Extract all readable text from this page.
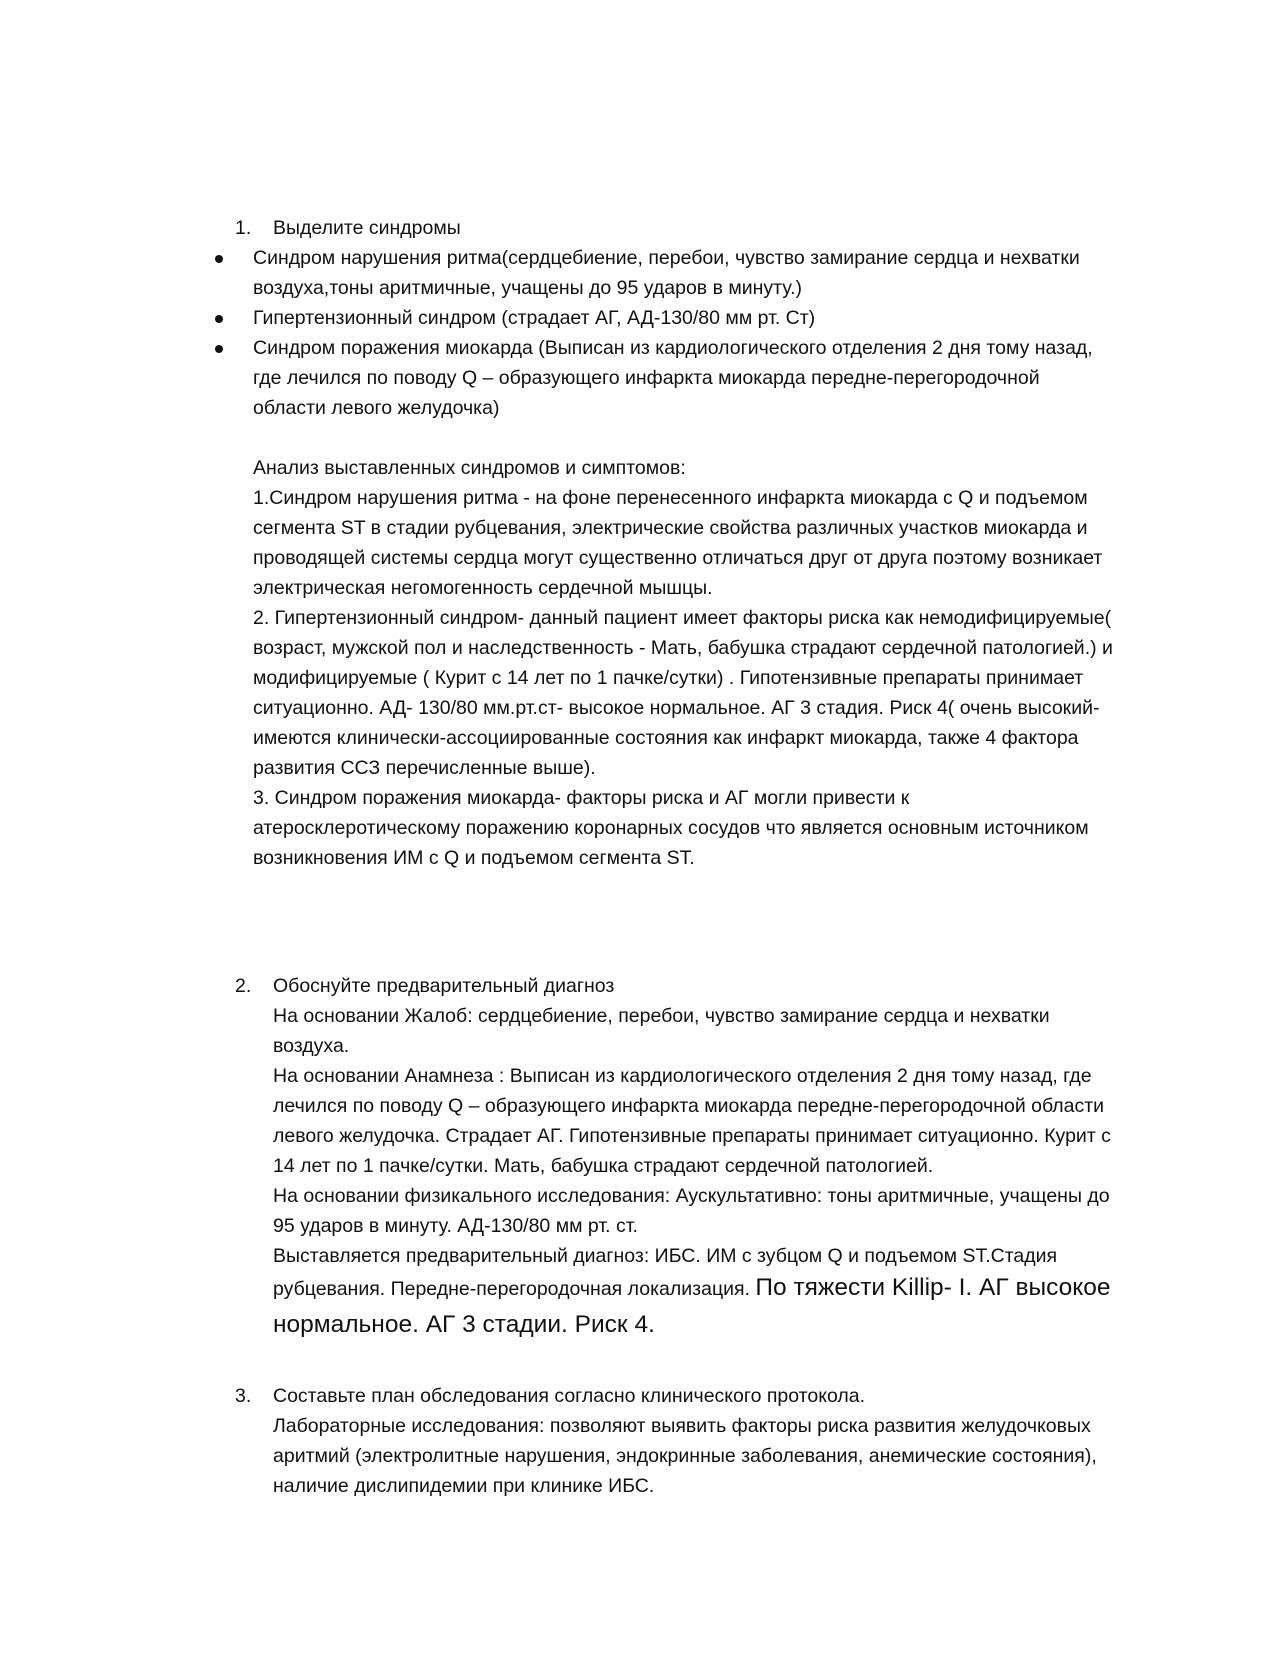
1. Выделите синдромы
Синдром нарушения ритма(сердцебиение, перебои, чувство замирание сердца и нехватки
воздуха,тоны аритмичные, учащены до 95 ударов в минуту.)
Гипертензионный синдром (страдает АГ, АД-130/80 мм рт. Ст)
Синдром поражения миокарда (Выписан из кардиологического отделения 2 дня тому назад,
где лечился по поводу Q – образующего инфаркта миокарда передне-перегородочной
области левого желудочка)
Анализ выставленных синдромов и симптомов:
1.Синдром нарушения ритма - на фоне перенесенного инфаркта миокарда с Q и подъемом
сегмента ST в стадии рубцевания, электрические свойства различных участков миокарда и
проводящей системы сердца могут существенно отличаться друг от друга поэтому возникает
электрическая негомогенность сердечной мышцы.
2. Гипертензионный синдром- данный пациент имеет факторы риска как немодифицируемые(
возраст, мужской пол и наследственность - Мать, бабушка страдают сердечной патологией.) и
модифицируемые ( Курит с 14 лет по 1 пачке/сутки) . Гипотензивные препараты принимает
ситуационно. АД- 130/80 мм.рт.ст- высокое нормальное. АГ 3 стадия. Риск 4( очень высокий-
имеются клинически-ассоциированные состояния как инфаркт миокарда, также 4 фактора
развития ССЗ перечисленные выше).
3. Синдром поражения миокарда- факторы риска и АГ могли привести к
атеросклеротическому поражению коронарных сосудов что является основным источником
возникновения ИМ с Q и подъемом сегмента ST.
2. Обоснуйте предварительный диагноз
На основании Жалоб: сердцебиение, перебои, чувство замирание сердца и нехватки
воздуха.
На основании Анамнеза : Выписан из кардиологического отделения 2 дня тому назад, где
лечился по поводу Q – образующего инфаркта миокарда передне-перегородочной области
левого желудочка. Страдает АГ. Гипотензивные препараты принимает ситуационно. Курит с
14 лет по 1 пачке/сутки. Мать, бабушка страдают сердечной патологией.
На основании физикального исследования: Аускультативно: тоны аритмичные, учащены до
95 ударов в минуту. АД-130/80 мм рт. ст.
Выставляется предварительный диагноз: ИБС. ИМ с зубцом Q и подъемом ST.Стадия
рубцевания. Передне-перегородочная локализация. По тяжести Killip- I. АГ высокое
нормальное. АГ 3 стадии. Риск 4.
3. Составьте план обследования согласно клинического протокола.
Лабораторные исследования: позволяют выявить факторы риска развития желудочковых
аритмий (электролитные нарушения, эндокринные заболевания, анемические состояния),
наличие дислипидемии при клинике ИБС.
